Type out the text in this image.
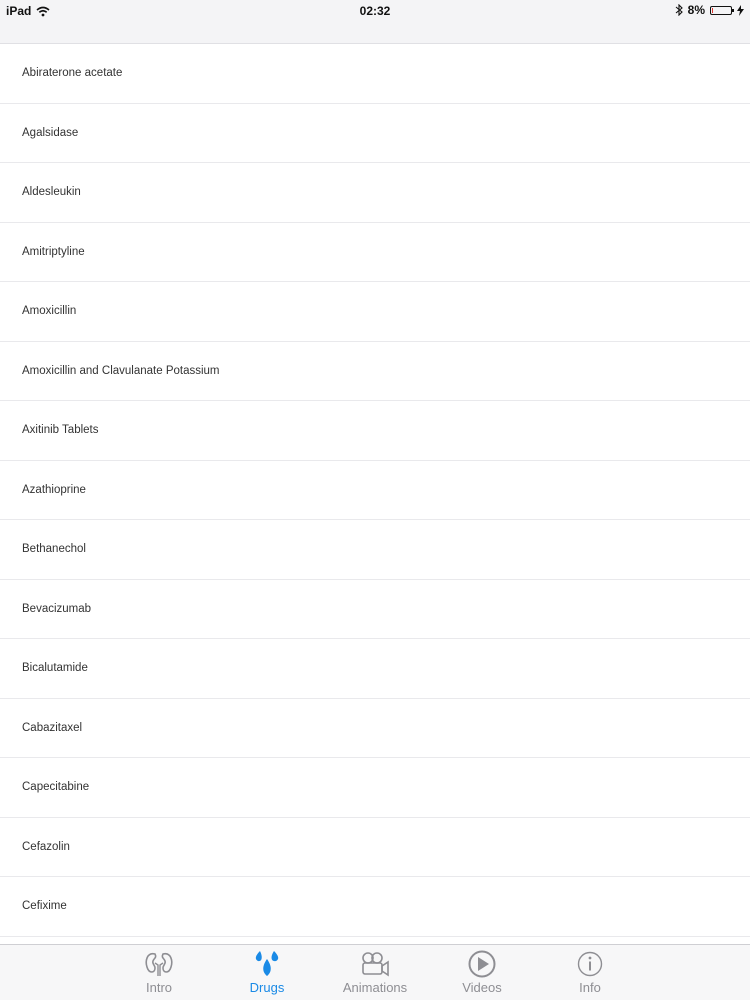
iPad	02:32	8%
Abiraterone acetate
Agalsidase
Aldesleukin
Amitriptyline
Amoxicillin
Amoxicillin and Clavulanate Potassium
Axitinib Tablets
Azathioprine
Bethanechol
Bevacizumab
Bicalutamide
Cabazitaxel
Capecitabine
Cefazolin
Cefixime
Intro	Drugs	Animations	Videos	Info
